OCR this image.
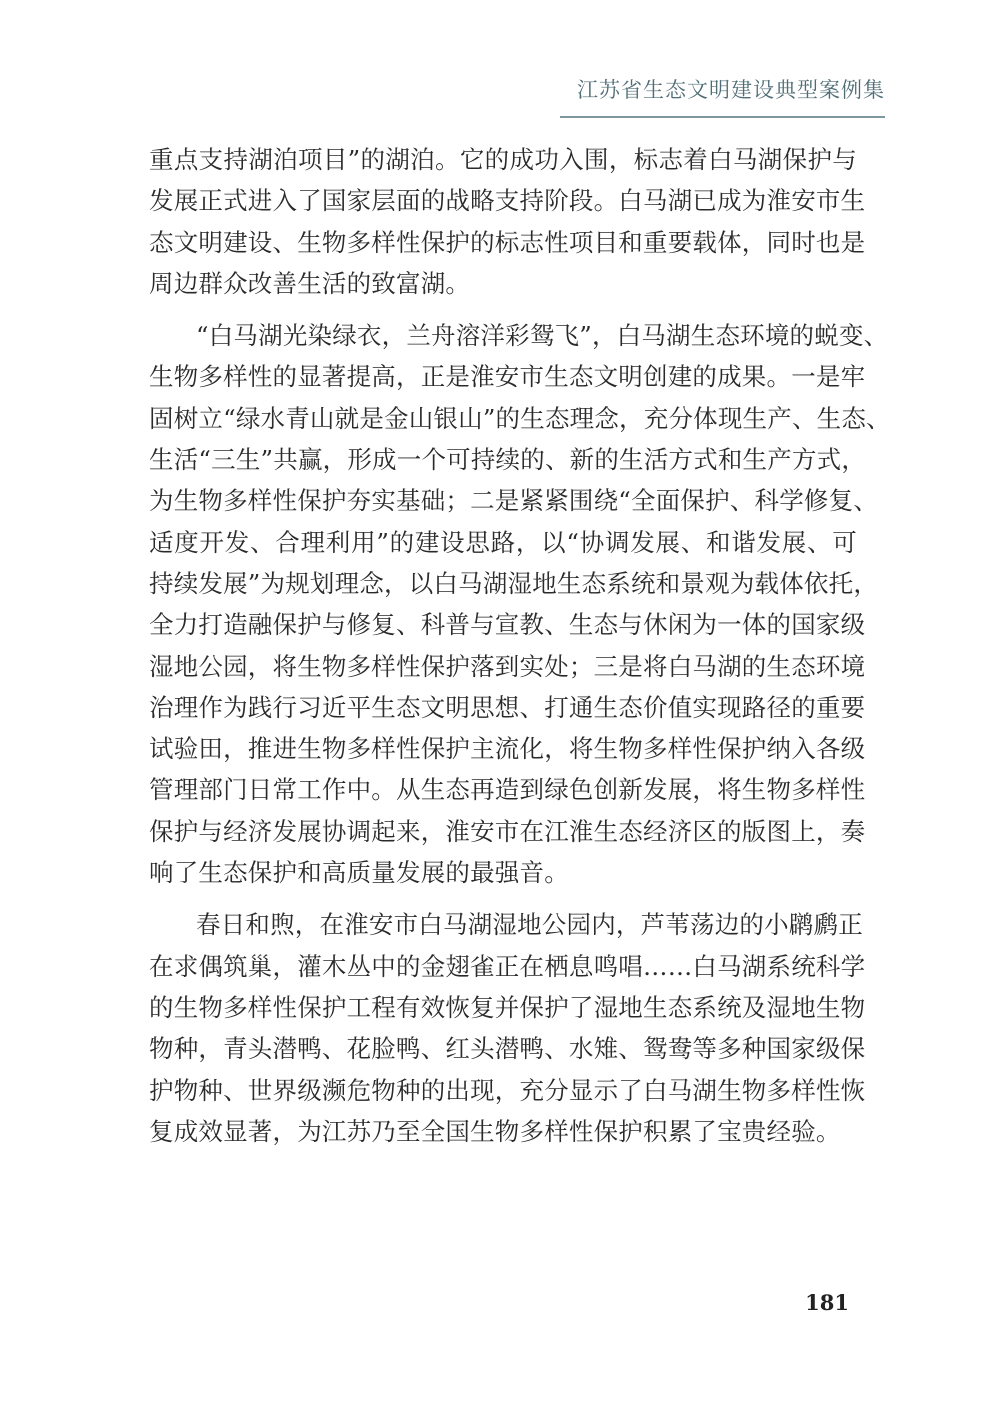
江苏省生态文明建设典型案例集
重点支持湖泊项目”的湖泊。它的成功入围，标志着白马湖保护与
发展正式进入了国家层面的战略支持阶段。白马湖已成为淮安市生
态文明建设、生物多样性保护的标志性项目和重要载体，同时也是
周边群众改善生活的致富湖。
“白马湖光染绿衣，兰舟溶洋彩鸳飞”，白马湖生态环境的蜕变、
生物多样性的显著提高，正是淮安市生态文明创建的成果。一是牢
固树立“绿水青山就是金山银山”的生态理念，充分体现生产、生态、
生活“三生”共赢，形成一个可持续的、新的生活方式和生产方式，
为生物多样性保护夯实基础；二是紧紧围绕“全面保护、科学修复、
适度开发、合理利用”的建设思路，以“协调发展、和谐发展、可
持续发展”为规划理念，以白马湖湿地生态系统和景观为载体依托，
全力打造融保护与修复、科普与宣教、生态与休闲为一体的国家级
湿地公园，将生物多样性保护落到实处；三是将白马湖的生态环境
治理作为践行习近平生态文明思想、打通生态价值实现路径的重要
试验田，推进生物多样性保护主流化，将生物多样性保护纳入各级
管理部门日常工作中。从生态再造到绿色创新发展，将生物多样性
保护与经济发展协调起来，淮安市在江淮生态经济区的版图上，奏
响了生态保护和高质量发展的最强音。
春日和煦，在淮安市白马湖湿地公园内，芦苇荡边的小䴙䴘正
在求偶筑巢，灌木丛中的金翅雀正在栖息鸣唱……白马湖系统科学
的生物多样性保护工程有效恢复并保护了湿地生态系统及湿地生物
物种，青头潜鸭、花脸鸭、红头潜鸭、水雉、鸳鸯等多种国家级保
护物种、世界级濒危物种的出现，充分显示了白马湖生物多样性恢
复成效显著，为江苏乃至全国生物多样性保护积累了宝贵经验。
181
